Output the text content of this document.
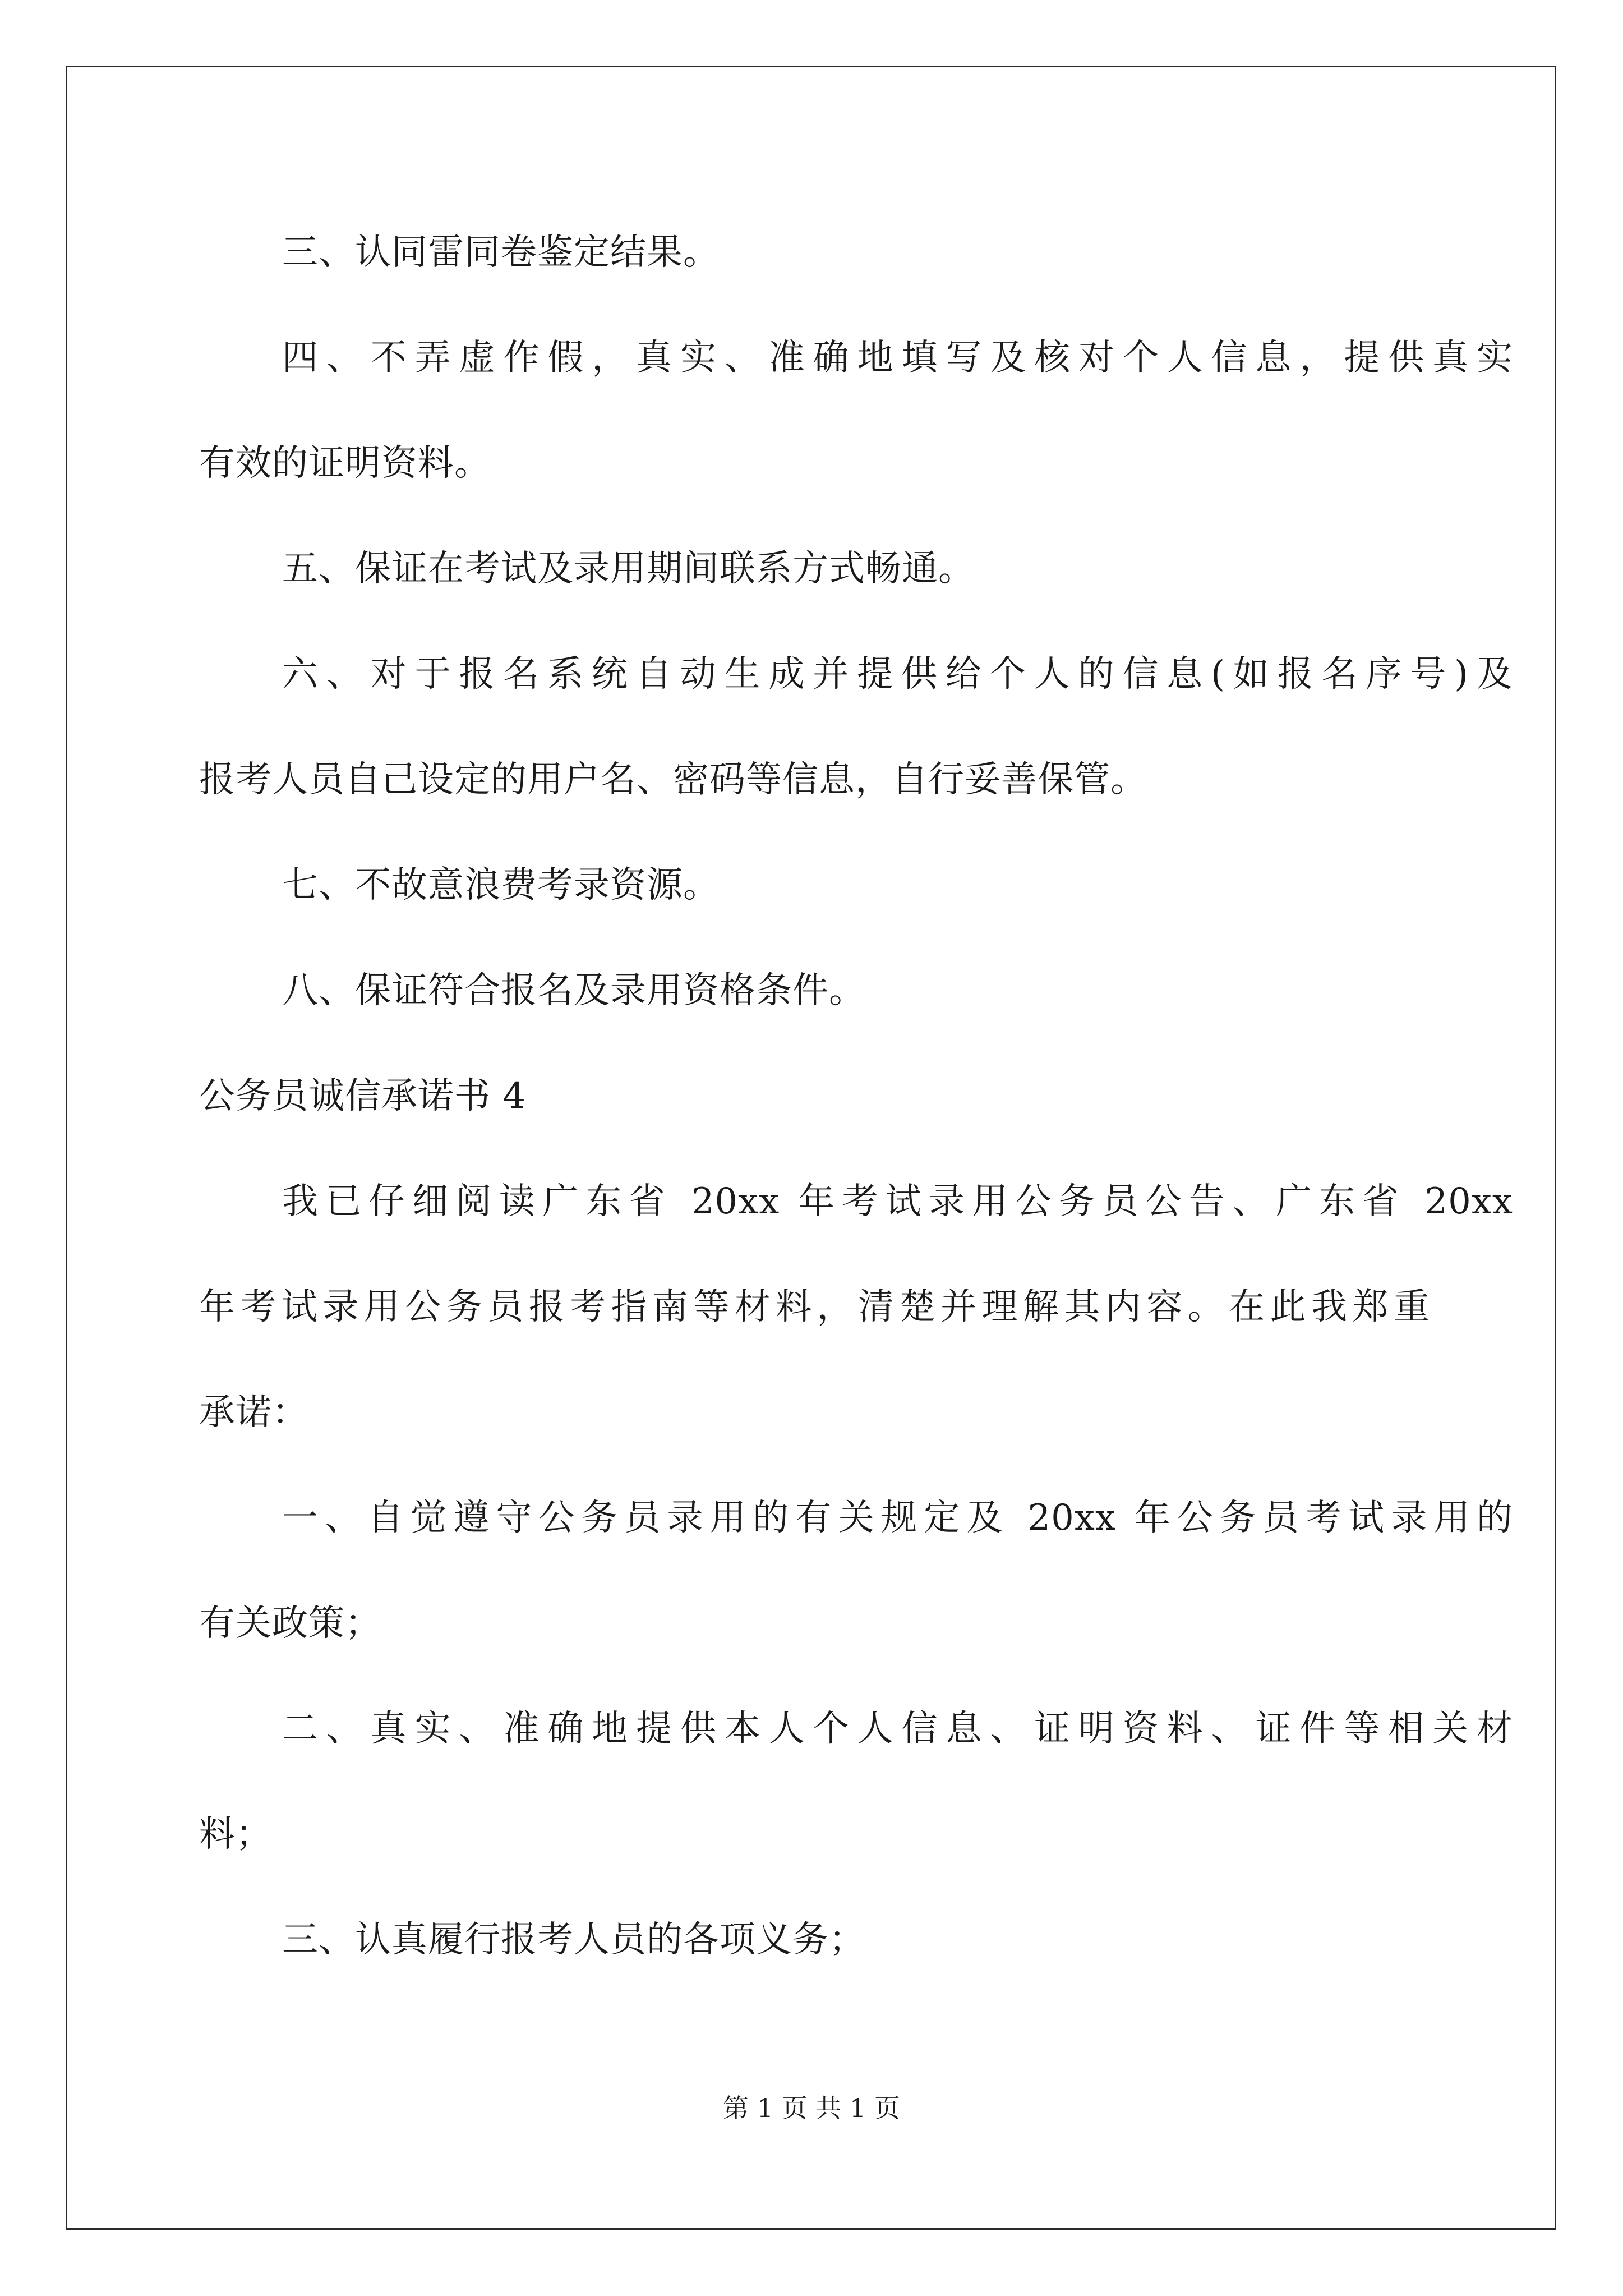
三、认同雷同卷鉴定结果。
四、不弄虚作假，真实、准确地填写及核对个人信息，提供真实
有效的证明资料。
五、保证在考试及录用期间联系方式畅通。
六、对于报名系统自动生成并提供给个人的信息(如报名序号)及
报考人员自己设定的用户名、密码等信息，自行妥善保管。
七、不故意浪费考录资源。
八、保证符合报名及录用资格条件。
公务员诚信承诺书 4
我已仔细阅读广东省 20xx 年考试录用公务员公告、广东省 20xx
年考试录用公务员报考指南等材料，清楚并理解其内容。在此我郑重
承诺：
一、自觉遵守公务员录用的有关规定及 20xx 年公务员考试录用的
有关政策；
二、真实、准确地提供本人个人信息、证明资料、证件等相关材
料；
三、认真履行报考人员的各项义务；
第 1 页 共 1 页
